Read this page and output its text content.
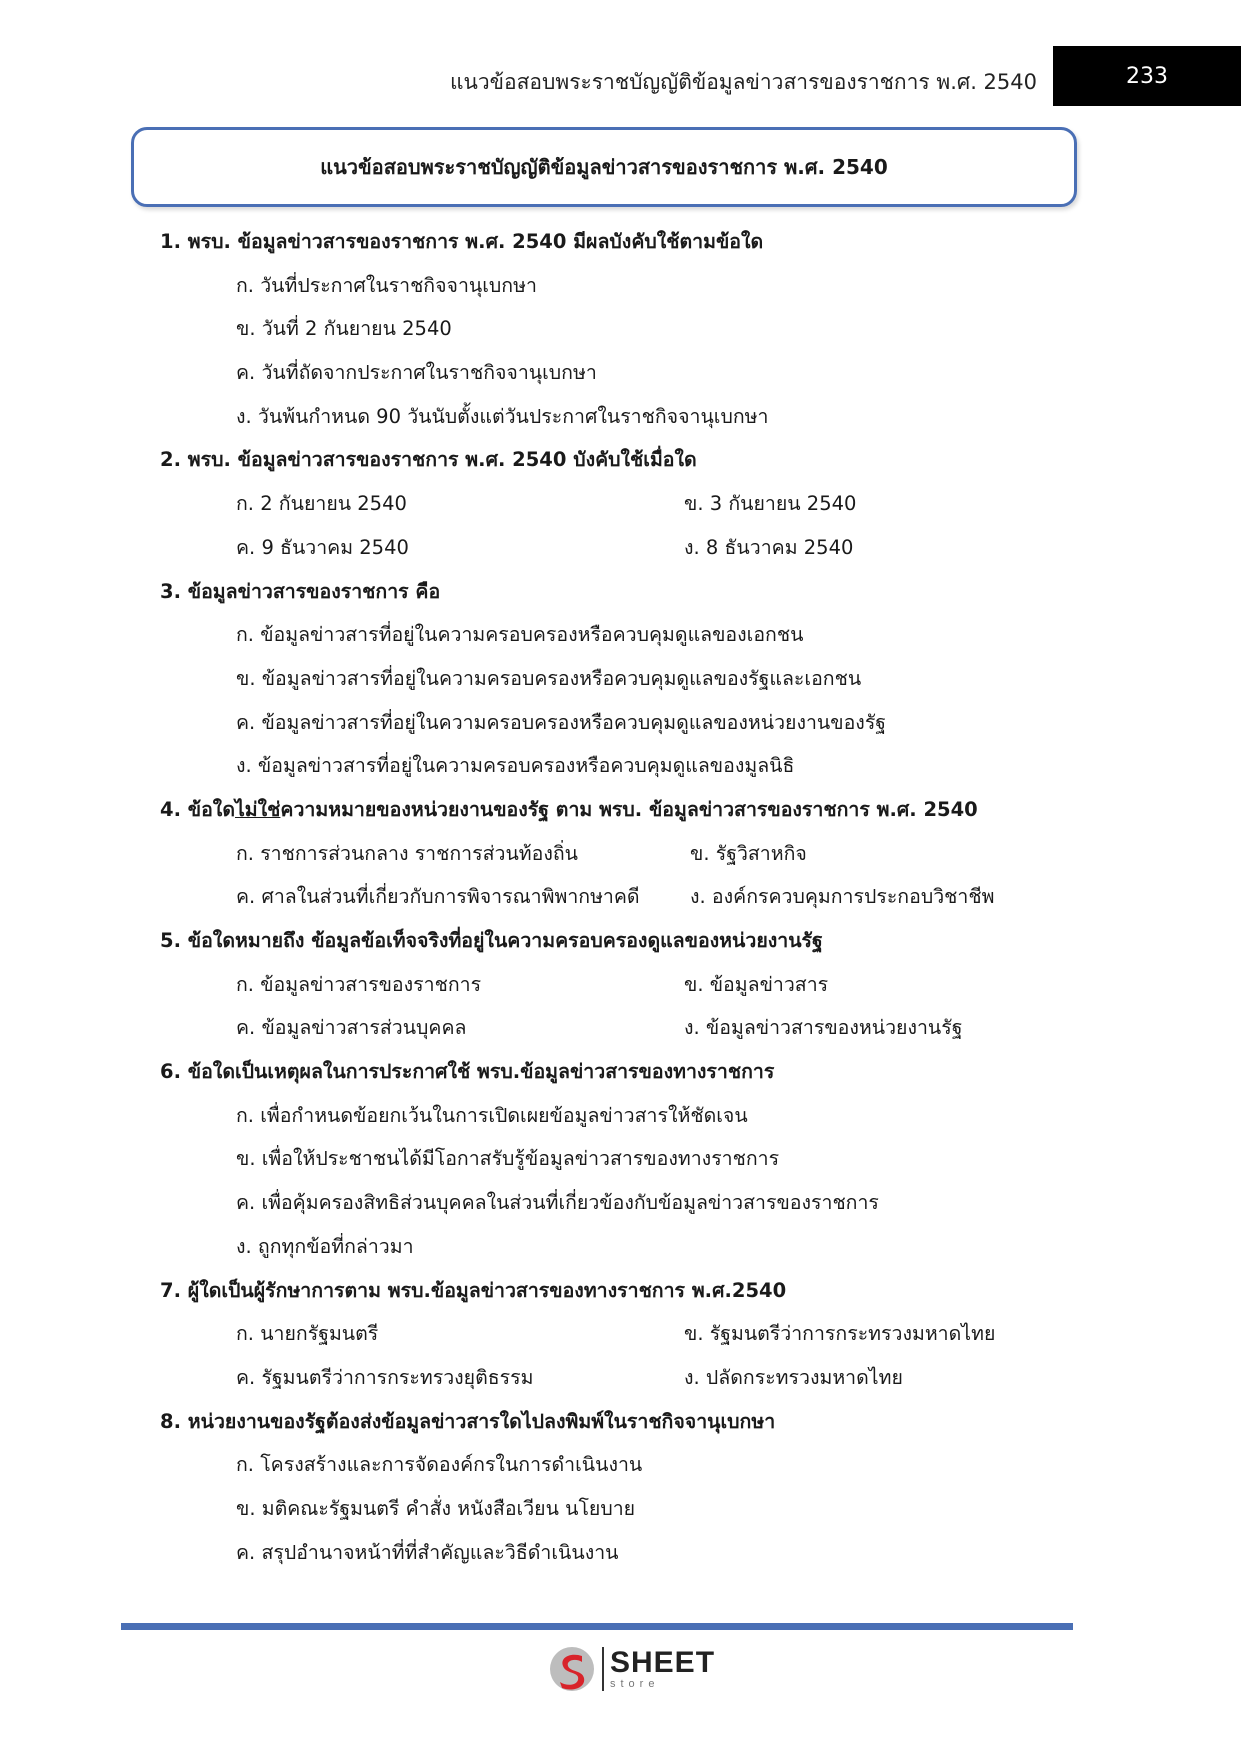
แนวข้อสอบพระราชบัญญัติข้อมูลข่าวสารของราชการ พ.ศ. 2540	233
แนวข้อสอบพระราชบัญญัติข้อมูลข่าวสารของราชการ พ.ศ. 2540
1. พรบ. ข้อมูลข่าวสารของราชการ พ.ศ. 2540 มีผลบังคับใช้ตามข้อใด
ก. วันที่ประกาศในราชกิจจานุเบกษา
ข. วันที่ 2 กันยายน 2540
ค. วันที่ถัดจากประกาศในราชกิจจานุเบกษา
ง. วันพ้นกำหนด 90 วันนับตั้งแต่วันประกาศในราชกิจจานุเบกษา
2. พรบ. ข้อมูลข่าวสารของราชการ พ.ศ. 2540 บังคับใช้เมื่อใด
ก. 2 กันยายน 2540	ข. 3 กันยายน 2540
ค. 9 ธันวาคม 2540	ง. 8 ธันวาคม 2540
3. ข้อมูลข่าวสารของราชการ คือ
ก. ข้อมูลข่าวสารที่อยู่ในความครอบครองหรือควบคุมดูแลของเอกชน
ข. ข้อมูลข่าวสารที่อยู่ในความครอบครองหรือควบคุมดูแลของรัฐและเอกชน
ค. ข้อมูลข่าวสารที่อยู่ในความครอบครองหรือควบคุมดูแลของหน่วยงานของรัฐ
ง. ข้อมูลข่าวสารที่อยู่ในความครอบครองหรือควบคุมดูแลของมูลนิธิ
4. ข้อใดไม่ใช่ความหมายของหน่วยงานของรัฐ ตาม พรบ. ข้อมูลข่าวสารของราชการ พ.ศ. 2540
ก. ราชการส่วนกลาง ราชการส่วนท้องถิ่น	ข. รัฐวิสาหกิจ
ค. ศาลในส่วนที่เกี่ยวกับการพิจารณาพิพากษาคดี	ง. องค์กรควบคุมการประกอบวิชาชีพ
5. ข้อใดหมายถึง ข้อมูลข้อเท็จจริงที่อยู่ในความครอบครองดูแลของหน่วยงานรัฐ
ก. ข้อมูลข่าวสารของราชการ	ข. ข้อมูลข่าวสาร
ค. ข้อมูลข่าวสารส่วนบุคคล	ง. ข้อมูลข่าวสารของหน่วยงานรัฐ
6. ข้อใดเป็นเหตุผลในการประกาศใช้ พรบ.ข้อมูลข่าวสารของทางราชการ
ก. เพื่อกำหนดข้อยกเว้นในการเปิดเผยข้อมูลข่าวสารให้ชัดเจน
ข. เพื่อให้ประชาชนได้มีโอกาสรับรู้ข้อมูลข่าวสารของทางราชการ
ค. เพื่อคุ้มครองสิทธิส่วนบุคคลในส่วนที่เกี่ยวข้องกับข้อมูลข่าวสารของราชการ
ง. ถูกทุกข้อที่กล่าวมา
7. ผู้ใดเป็นผู้รักษาการตาม พรบ.ข้อมูลข่าวสารของทางราชการ พ.ศ.2540
ก. นายกรัฐมนตรี	ข. รัฐมนตรีว่าการกระทรวงมหาดไทย
ค. รัฐมนตรีว่าการกระทรวงยุติธรรม	ง. ปลัดกระทรวงมหาดไทย
8. หน่วยงานของรัฐต้องส่งข้อมูลข่าวสารใดไปลงพิมพ์ในราชกิจจานุเบกษา
ก. โครงสร้างและการจัดองค์กรในการดำเนินงาน
ข. มติคณะรัฐมนตรี คำสั่ง หนังสือเวียน นโยบาย
ค. สรุปอำนาจหน้าที่ที่สำคัญและวิธีดำเนินงาน
SHEET
store
